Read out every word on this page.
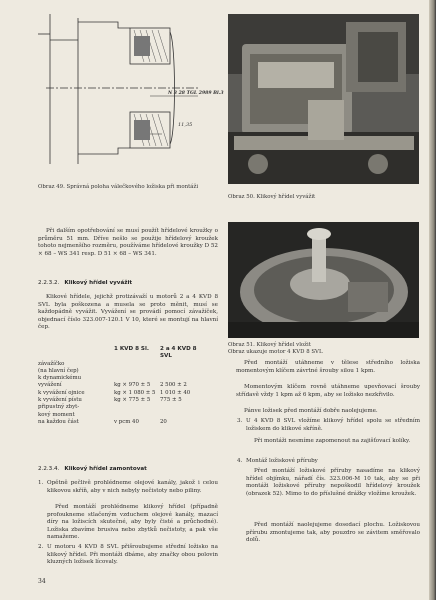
N 3 28 TGL 2989 Bl.3
11,35
Obraz 49. Správná poloha válečkového ložiska při montáži
Obraz 50. Klikový hřídel vyvážit
Obraz 51. Klikový hřídel vložit
Obraz ukazuje motor 4 KVD 8 SVL

Při dalším opotřebování se musí použít hřídelové kroužky o průměru 51 mm. Dříve nešlo se použije hřídelový kroužek tohoto nejmenšího rozměru, používáme hřídelové kroužky D 52 × 68 – WS 341 resp. D 51 × 68 – WS 341.

2.2.3.2. Klikový hřídel vyvážit

Klikové hřídele, jejichž protizávaží u motorů 2 a 4 KVD 8 SVL byla poškozena a musela se proto měnit, musí se každopádně vyvážit. Vyvážení se provádí pomocí závažíček, objednací číslo 323.007-120.1 V 10, které se montují na hlavní čep.

	1 KVD 8 Sl.	2 a 4 KVD 8 SVL
závažíčko		
(na hlavní čep)		
k dynamickému		
vyvážení	kg × 970 ± 5	2 500 ± 2
k vyvážení ojnice	kg × 1 080 ± 5	1 010 ± 40
k vyvážení pístu	kg × 775 ± 5	775 ± 5
připustný zbyt-		
kový moment		
na každou část	v pcm 40	20
2.2.3.4. Klikový hřídel zamontovat
1. Opětně pečlivě prohlédneme olejové kanály, jakož i celou klikovou skříň, aby v nich nebyly nečistoty nebo piliny.
Před montáží prohlédneme klikový hřídel (případně profoukneme stlačeným vzduchem olejové kanály, mazací díry na ložiscích skutečné, aby byly čisté a průchodné). Ložiska zbavíme brusiva nebo zbytků nečistoty, a pak vše namažeme.
2. U motoru 4 KVD 8 SVL přišroubujeme střední ložisko na klikový hřídel. Při montáži dbáme, aby značky obou polovin kluzných ložisek lícovaly.
34

Před montáží utáhneme v tělese středního ložiska momentovým klíčem závrtné šrouby silou 1 kpm.

Momentovým klíčem rovně utáhneme upevňovací šrouby střídavě vždy 1 kpm až 6 kpm, aby se ložisko nezkřivilo.

Pánve ložisek před montáží dobře naolejujeme.

3. U 4 KVD 8 SVL vložíme klikový hřídel spolu se středním ložiskem do klikové skříně.

Při montáži nesmíme zapomenout na zajišťovací kolíky.

4. Montáž ložiskové příruby

Před montáží ložiskové příruby nasadíme na klikový hřídel objímku, nářadí čís. 323.006-M 10 tak, aby se při montáži ložiskové příruby nepoškodil hřídelový kroužek (obrazek 52). Mimo to do příslušné drážky vložíme kroužek.

Před montáží naolejujeme dosedací plochu. Ložiskovou přírubu zmontujeme tak, aby pouzdro se závitem směřovalo dolů.
